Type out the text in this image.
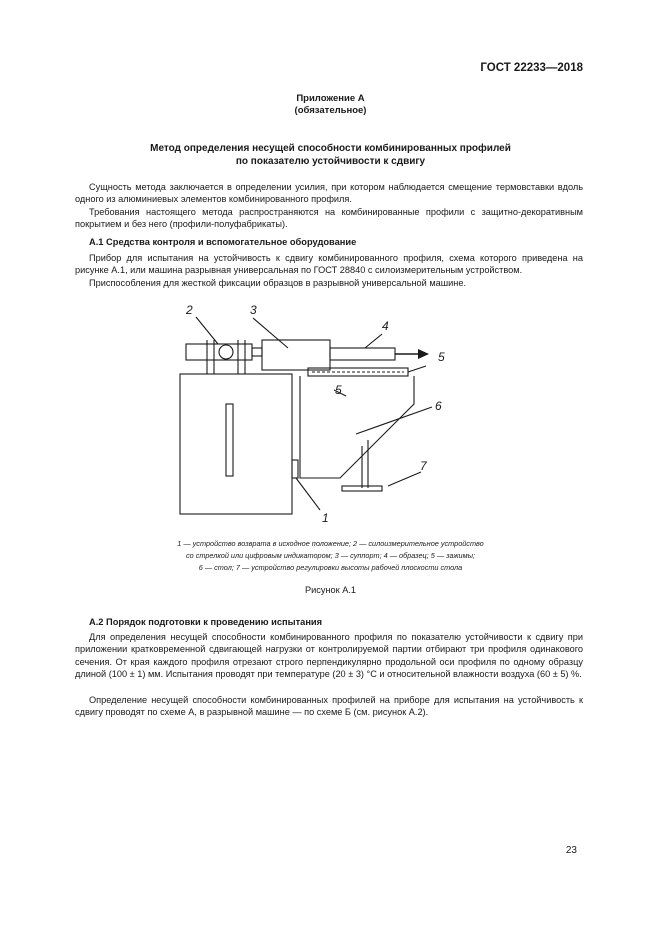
ГОСТ 22233—2018
Приложение А
(обязательное)
Метод определения несущей способности комбинированных профилей
по показателю устойчивости к сдвигу

Сущность метода заключается в определении усилия, при котором наблюдается смещение термовставки вдоль одного из алюминиевых элементов комбинированного профиля.

Требования настоящего метода распространяются на комбинированные профили с защитно-декоративным покрытием и без него (профили-полуфабрикаты).

А.1 Средства контроля и вспомогательное оборудование

Прибор для испытания на устойчивость к сдвигу комбинированного профиля, схема которого приведена на рисунке А.1, или машина разрывная универсальная по ГОСТ 28840 с силоизмерительным устройством.

Приспособления для жесткой фиксации образцов в разрывной универсальной машине.

2	3
4
5
5
6
7
1
1 — устройство возврата в исходное положение; 2 — силоизмерительное устройство
со стрелкой или цифровым индикатором; 3 — суппорт; 4 — образец; 5 — зажимы;
6 — стол; 7 — устройство регулировки высоты рабочей плоскости стола
Рисунок А.1

А.2 Порядок подготовки к проведению испытания

Для определения несущей способности комбинированного профиля по показателю устойчивости к сдвигу при приложении кратковременной сдвигающей нагрузки от контролируемой партии отбирают три профиля одинакового сечения. От края каждого профиля отрезают строго перпендикулярно продольной оси профиля по одному образцу длиной (100 ± 1) мм. Испытания проводят при температуре (20 ± 3) °С и относительной влажности воздуха (60 ± 5) %.

Определение несущей способности комбинированных профилей на приборе для испытания на устойчивость к сдвигу проводят по схеме А, в разрывной машине — по схеме Б (см. рисунок А.2).

23
